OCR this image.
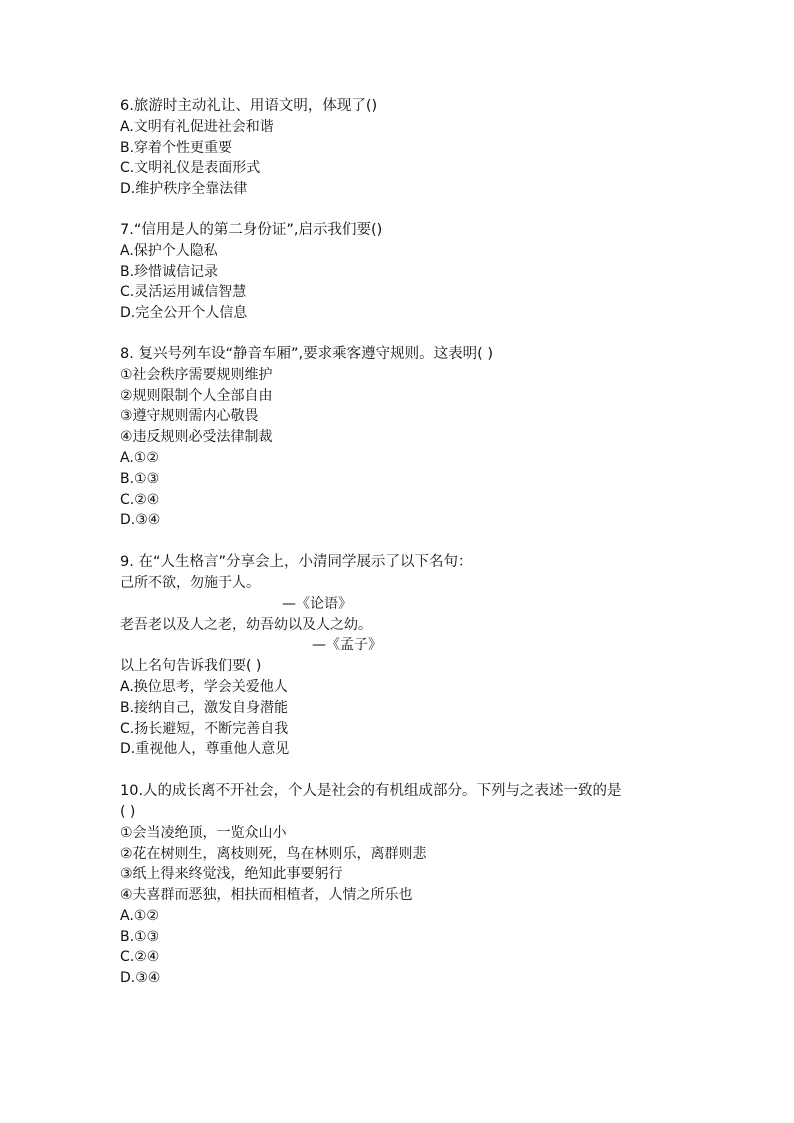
6.旅游时主动礼让、用语文明，体现了()
A.文明有礼促进社会和谐
B.穿着个性更重要
C.文明礼仪是表面形式
D.维护秩序全靠法律
7.“信用是人的第二身份证”,启示我们要()
A.保护个人隐私
B.珍惜诚信记录
C.灵活运用诚信智慧
D.完全公开个人信息
8. 复兴号列车设“静音车厢”,要求乘客遵守规则。这表明( )
①社会秩序需要规则维护
②规则限制个人全部自由
③遵守规则需内心敬畏
④违反规则必受法律制裁
A.①②
B.①③
C.②④
D.③④
9. 在“人生格言”分享会上，小清同学展示了以下名句：
己所不欲，勿施于人。
—《论语》
老吾老以及人之老，幼吾幼以及人之幼。
—《孟子》
以上名句告诉我们要( )
A.换位思考，学会关爱他人
B.接纳自己，激发自身潜能
C.扬长避短，不断完善自我
D.重视他人，尊重他人意见
10.人的成长离不开社会，个人是社会的有机组成部分。下列与之表述一致的是
( )
①会当凌绝顶，一览众山小
②花在树则生，离枝则死，鸟在林则乐，离群则悲
③纸上得来终觉浅，绝知此事要躬行
④夫喜群而恶独，相扶而相植者，人情之所乐也
A.①②
B.①③
C.②④
D.③④
